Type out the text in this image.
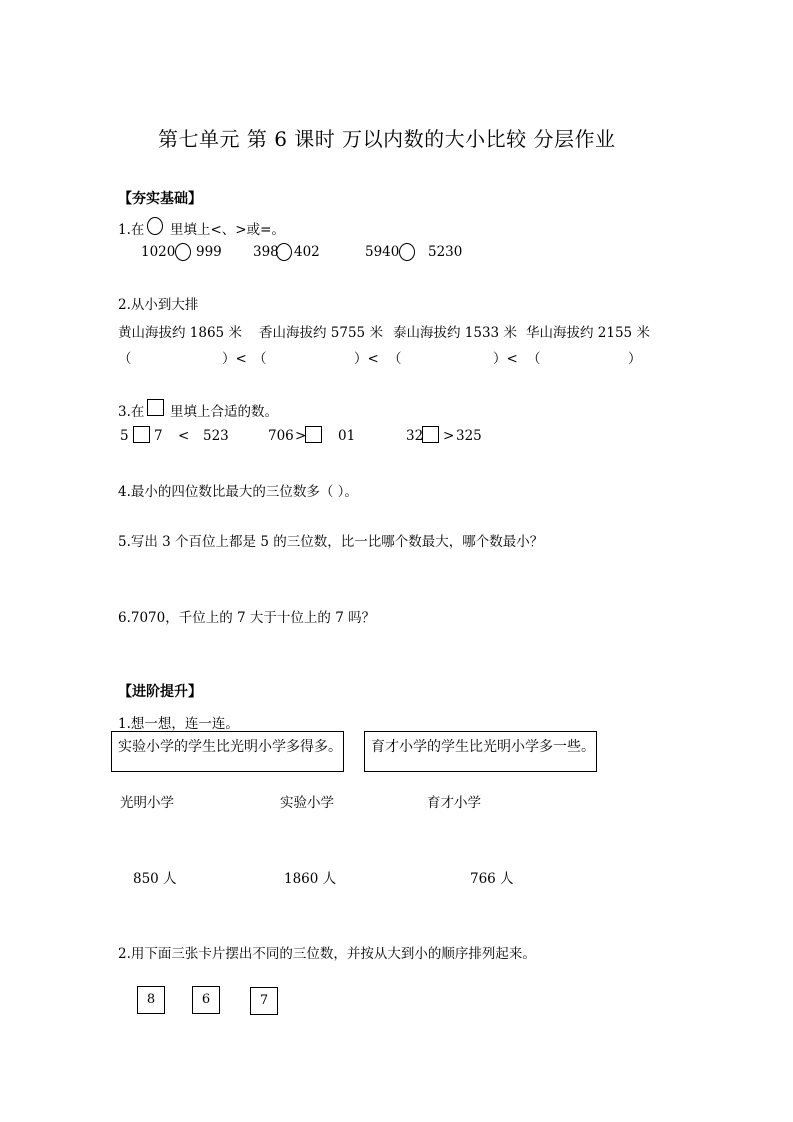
第七单元 第 6 课时 万以内数的大小比较 分层作业
【夯实基础】
1.在 里填上<、>或=。
1020 999 398 402	5940 5230
2.从小到大排
黄山海拔约 1865 米 香山海拔约 5755 米 泰山海拔约 1533 米 华山海拔约 2155 米
（	）< （	）< （	）< （	）
3.在 里填上合适的数。
5 7 < 523	706 > 01	32 > 325
4.最小的四位数比最大的三位数多（ ）。
5.写出 3 个百位上都是 5 的三位数，比一比哪个数最大，哪个数最小？
6.7070，千位上的 7 大于十位上的 7 吗？
【进阶提升】
1.想一想，连一连。
实验小学的学生比光明小学多得多。	育才小学的学生比光明小学多一些。
光明小学	实验小学	育才小学
850 人	1860 人	766 人
2.用下面三张卡片摆出不同的三位数，并按从大到小的顺序排列起来。
8	6	7
